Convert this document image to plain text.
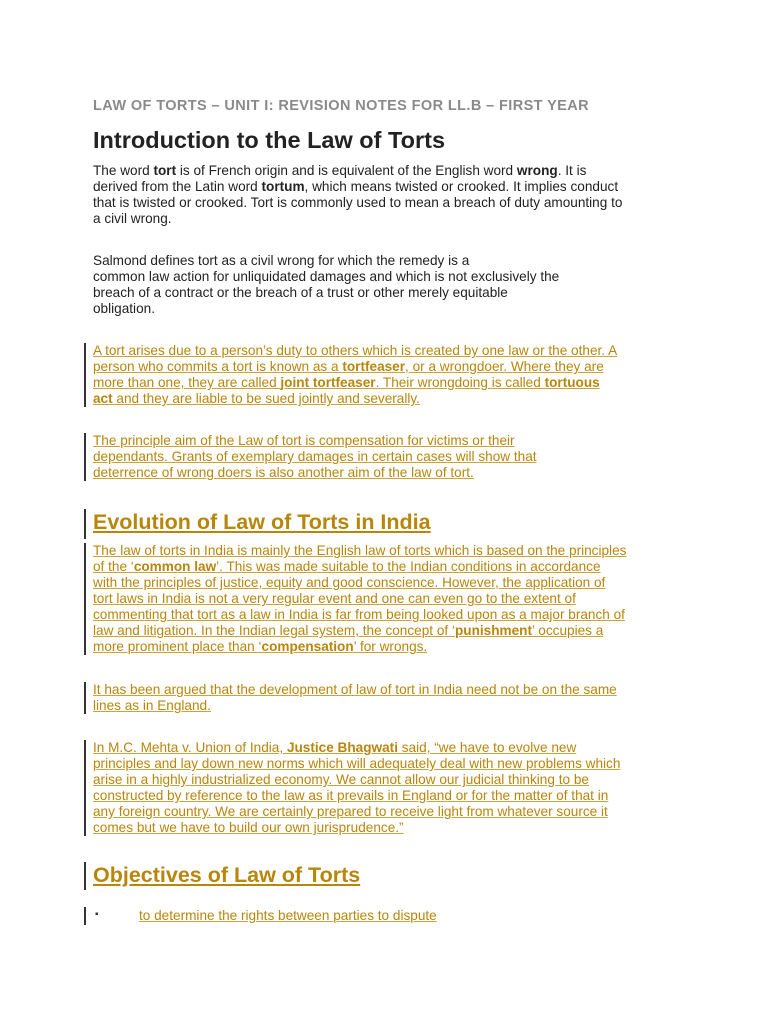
LAW OF TORTS – UNIT I: REVISION NOTES FOR LL.B – FIRST YEAR
Introduction to the Law of Torts
The word tort is of French origin and is equivalent of the English word wrong. It is
derived from the Latin word tortum, which means twisted or crooked. It implies conduct
that is twisted or crooked. Tort is commonly used to mean a breach of duty amounting to
a civil wrong.
Salmond defines tort as a civil wrong for which the remedy is a
common law action for unliquidated damages and which is not exclusively the
breach of a contract or the breach of a trust or other merely equitable
obligation.
A tort arises due to a person’s duty to others which is created by one law or the other. A
person who commits a tort is known as a tortfeaser, or a wrongdoer. Where they are
more than one, they are called joint tortfeaser. Their wrongdoing is called tortuous
act and they are liable to be sued jointly and severally.
The principle aim of the Law of tort is compensation for victims or their
dependants. Grants of exemplary damages in certain cases will show that
deterrence of wrong doers is also another aim of the law of tort.
Evolution of Law of Torts in India
The law of torts in India is mainly the English law of torts which is based on the principles
of the ‘common law’. This was made suitable to the Indian conditions in accordance
with the principles of justice, equity and good conscience. However, the application of
tort laws in India is not a very regular event and one can even go to the extent of
commenting that tort as a law in India is far from being looked upon as a major branch of
law and litigation. In the Indian legal system, the concept of ‘punishment’ occupies a
more prominent place than ‘compensation’ for wrongs.
It has been argued that the development of law of tort in India need not be on the same
lines as in England.
In M.C. Mehta v. Union of India, Justice Bhagwati said, “we have to evolve new
principles and lay down new norms which will adequately deal with new problems which
arise in a highly industrialized economy. We cannot allow our judicial thinking to be
constructed by reference to the law as it prevails in England or for the matter of that in
any foreign country. We are certainly prepared to receive light from whatever source it
comes but we have to build our own jurisprudence.”
Objectives of Law of Torts
▪	to determine the rights between parties to dispute
